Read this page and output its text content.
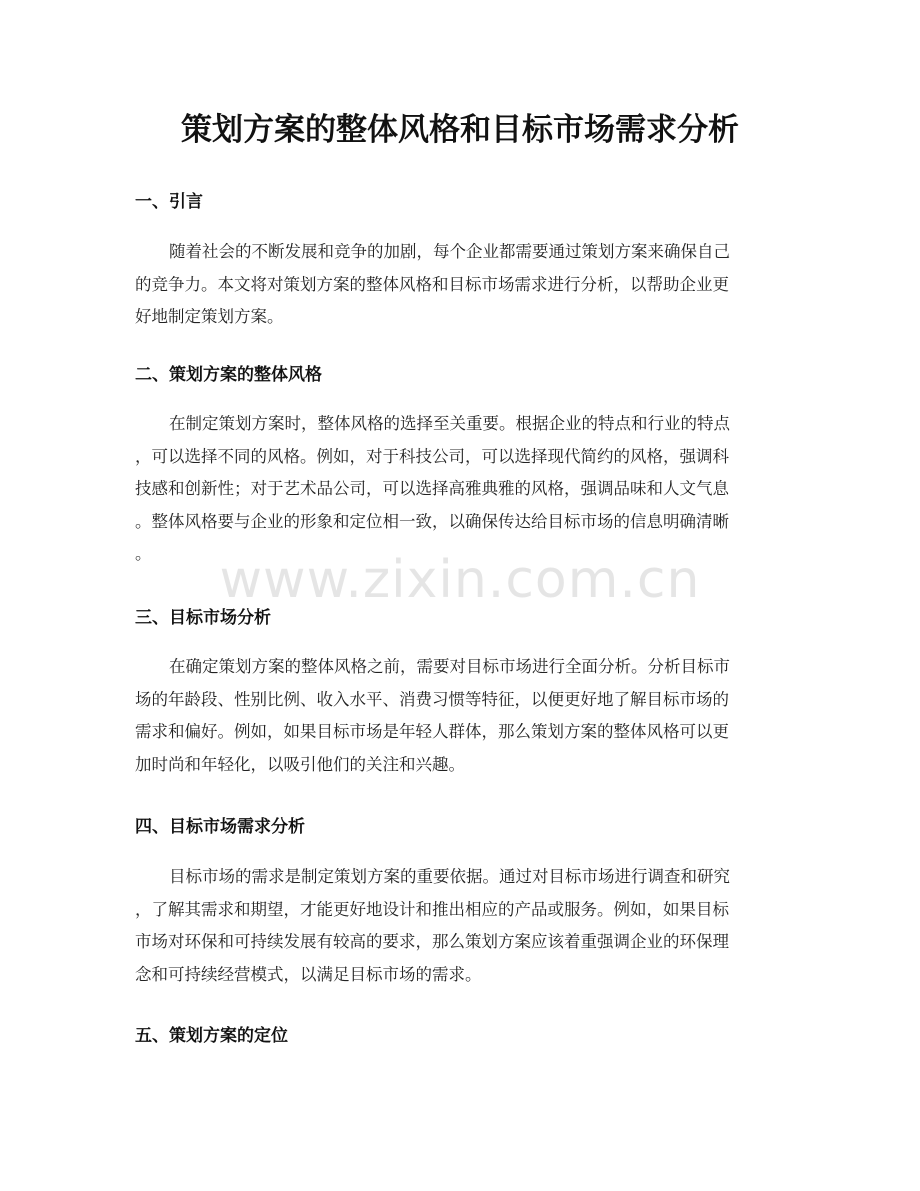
策划方案的整体风格和目标市场需求分析
www.zixin.com.cn
一、引言

随着社会的不断发展和竞争的加剧，每个企业都需要通过策划方案来确保自己
的竞争力。本文将对策划方案的整体风格和目标市场需求进行分析，以帮助企业更
好地制定策划方案。

二、策划方案的整体风格

在制定策划方案时，整体风格的选择至关重要。根据企业的特点和行业的特点
，可以选择不同的风格。例如，对于科技公司，可以选择现代简约的风格，强调科
技感和创新性；对于艺术品公司，可以选择高雅典雅的风格，强调品味和人文气息
。整体风格要与企业的形象和定位相一致，以确保传达给目标市场的信息明确清晰
。

三、目标市场分析

在确定策划方案的整体风格之前，需要对目标市场进行全面分析。分析目标市
场的年龄段、性别比例、收入水平、消费习惯等特征，以便更好地了解目标市场的
需求和偏好。例如，如果目标市场是年轻人群体，那么策划方案的整体风格可以更
加时尚和年轻化，以吸引他们的关注和兴趣。

四、目标市场需求分析

目标市场的需求是制定策划方案的重要依据。通过对目标市场进行调查和研究
，了解其需求和期望，才能更好地设计和推出相应的产品或服务。例如，如果目标
市场对环保和可持续发展有较高的要求，那么策划方案应该着重强调企业的环保理
念和可持续经营模式，以满足目标市场的需求。

五、策划方案的定位
